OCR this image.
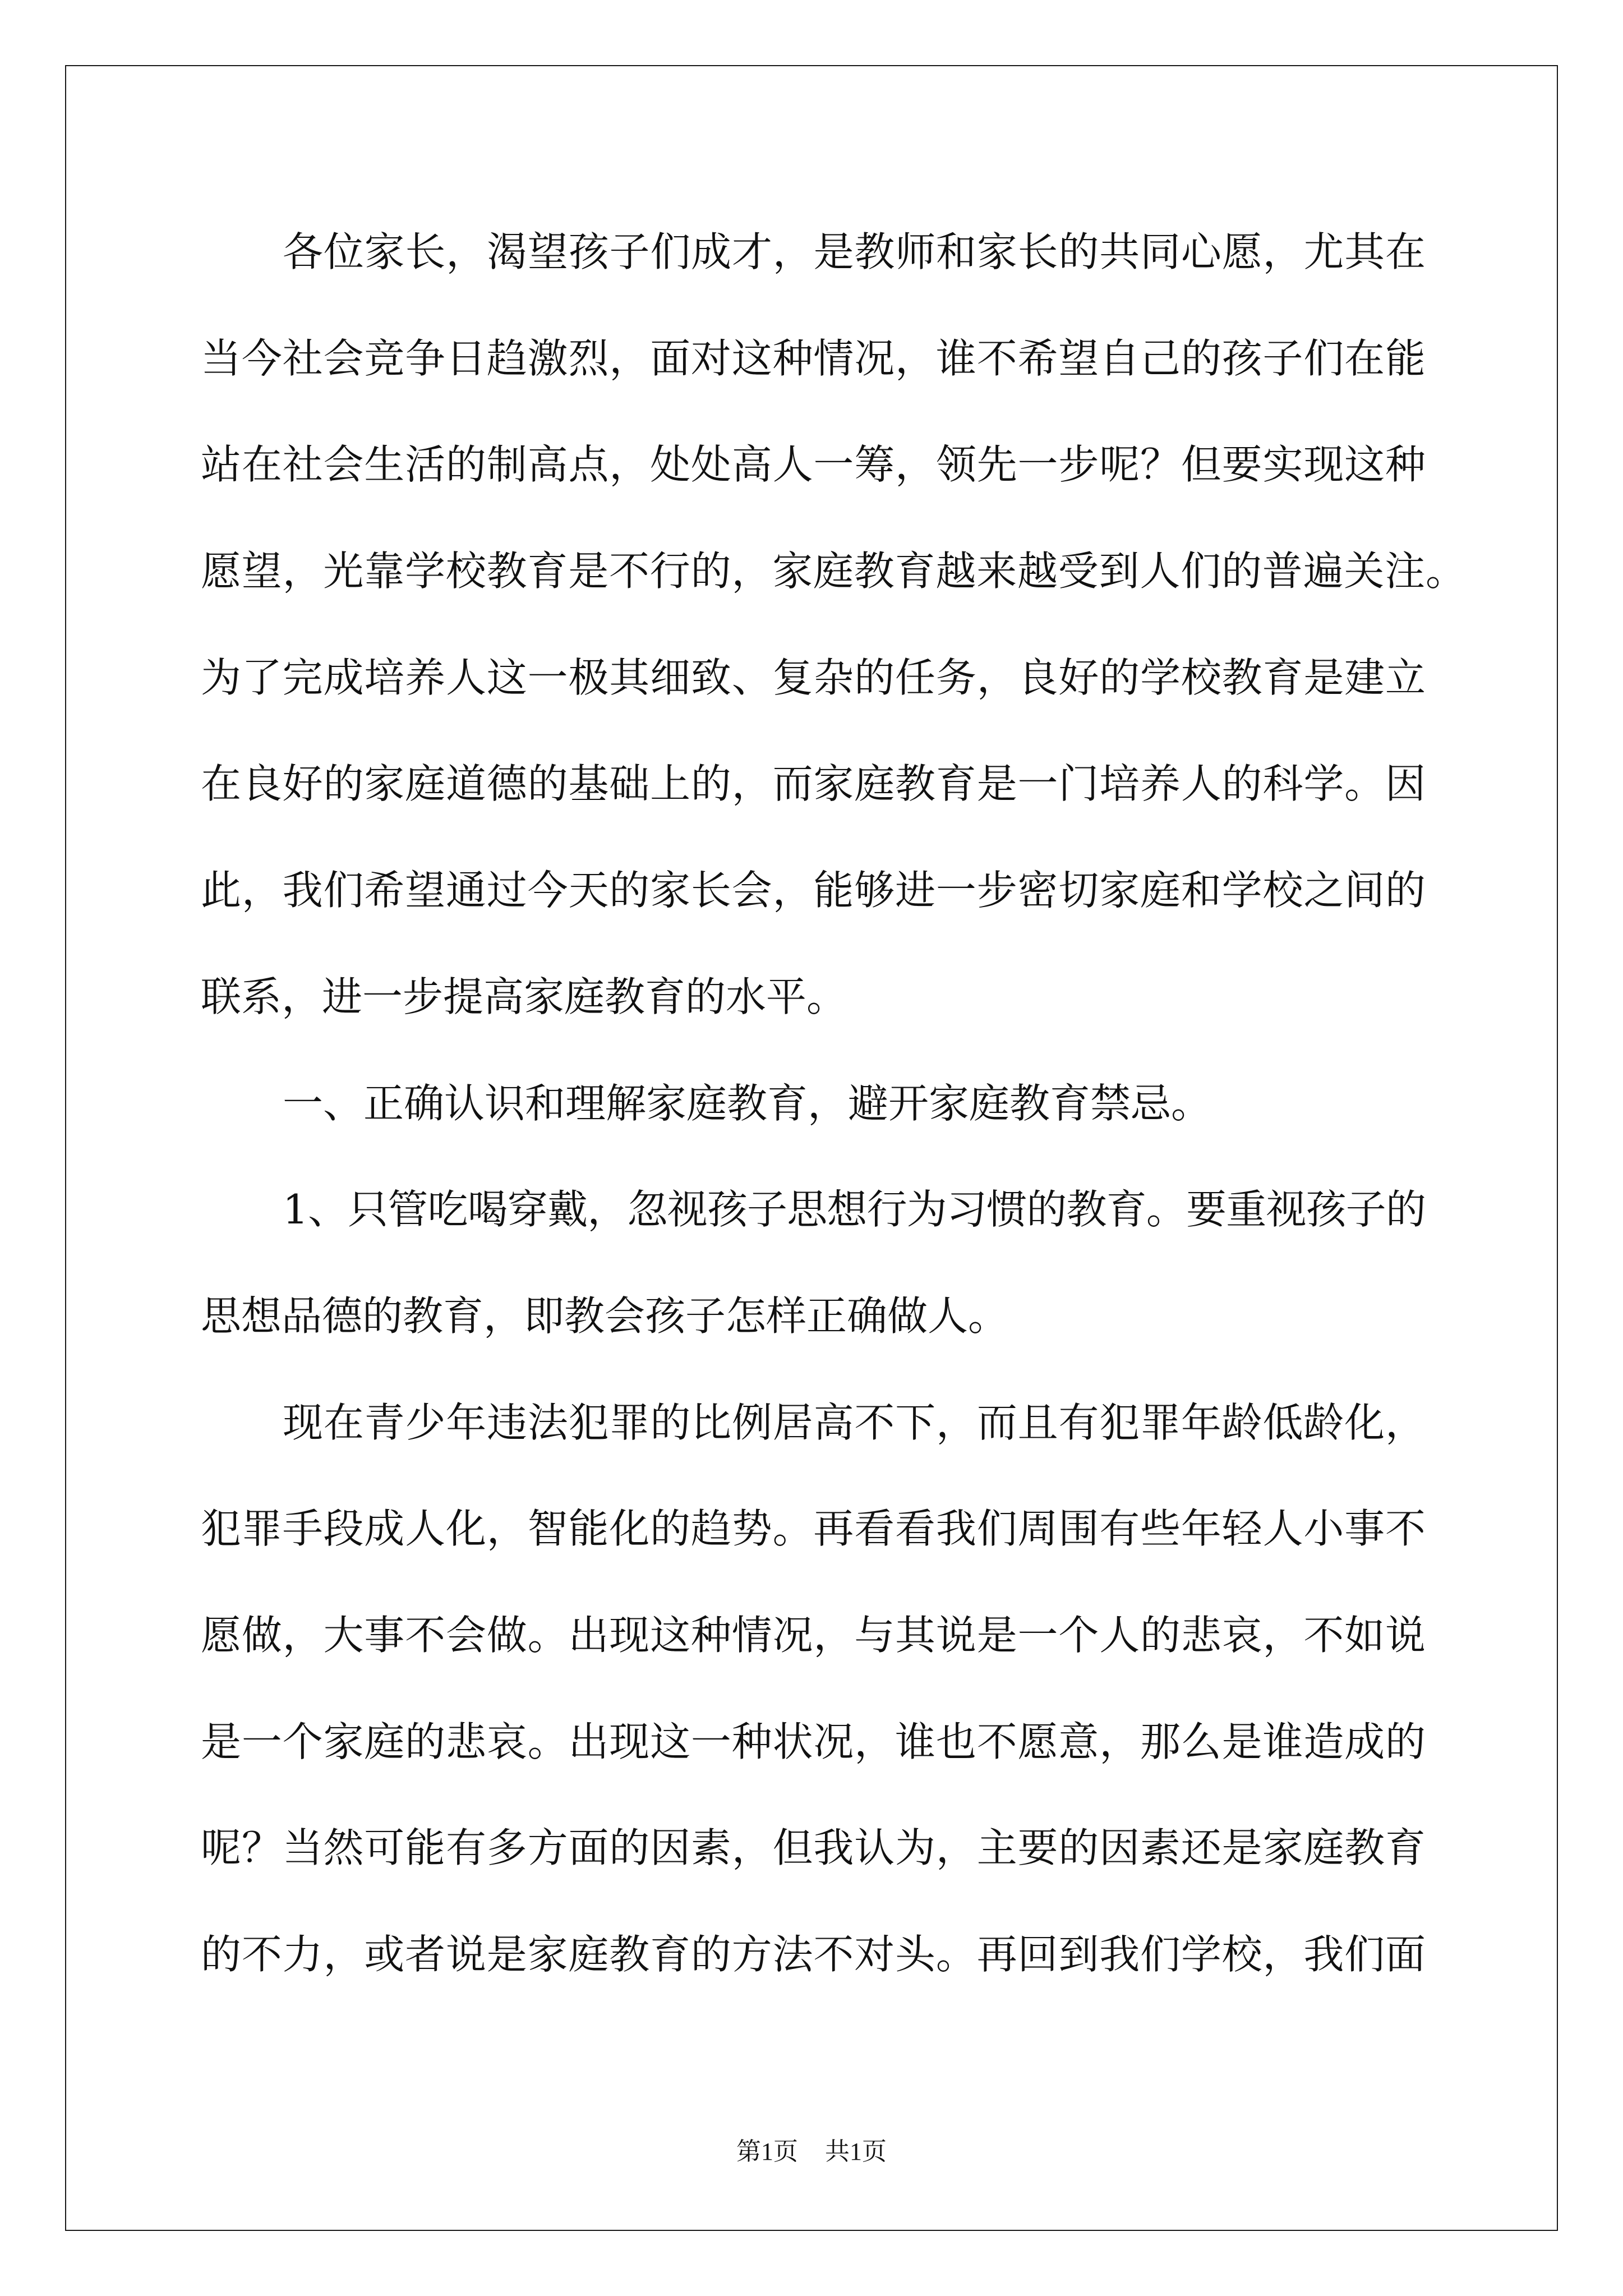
各位家长，渴望孩子们成才，是教师和家长的共同心愿，尤其在
当今社会竞争日趋激烈，面对这种情况，谁不希望自己的孩子们在能
站在社会生活的制高点，处处高人一筹，领先一步呢？但要实现这种
愿望，光靠学校教育是不行的，家庭教育越来越受到人们的普遍关注。
为了完成培养人这一极其细致、复杂的任务，良好的学校教育是建立
在良好的家庭道德的基础上的，而家庭教育是一门培养人的科学。因
此，我们希望通过今天的家长会，能够进一步密切家庭和学校之间的
联系，进一步提高家庭教育的水平。
一、正确认识和理解家庭教育，避开家庭教育禁忌。
1、只管吃喝穿戴，忽视孩子思想行为习惯的教育。要重视孩子的
思想品德的教育，即教会孩子怎样正确做人。
现在青少年违法犯罪的比例居高不下，而且有犯罪年龄低龄化，
犯罪手段成人化，智能化的趋势。再看看我们周围有些年轻人小事不
愿做，大事不会做。出现这种情况，与其说是一个人的悲哀，不如说
是一个家庭的悲哀。出现这一种状况，谁也不愿意，那么是谁造成的
呢？当然可能有多方面的因素，但我认为，主要的因素还是家庭教育
的不力，或者说是家庭教育的方法不对头。再回到我们学校，我们面
第1页 共1页
